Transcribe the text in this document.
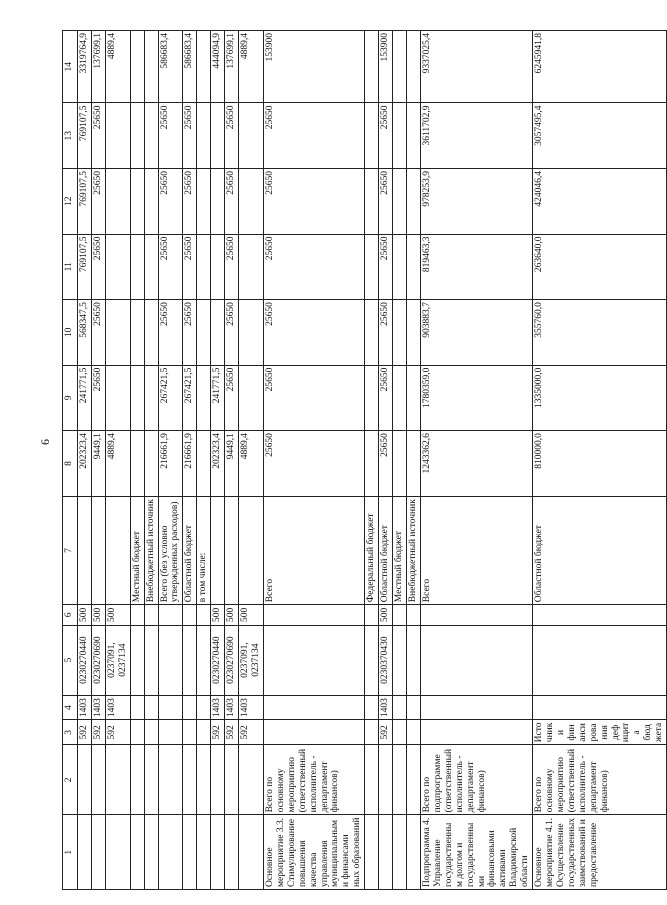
6
1	2	3	4	5	6	7	8	9	10	11	12	13	14
		592	1403	0230270440	500		202323,4	241771,5	568347,5	769107,5	769107,5	769107,5	3319764,9
		592	1403	0230270690	500		9449,1	25650	25650	25650	25650	25650	137699,1
		592	1403	0237091, 0237134	500		4889,4						4889,4
						Местный бюджет							
						Внебюджетный источник							
						Всего (без условно утвержденных расходов)	216661,9	267421,5	25650	25650	25650	25650	586683,4
						Областной бюджет	216661,9	267421,5	25650	25650	25650	25650	586683,4
						в том числе:							
		592	1403	0230270440	500		202323,4	241771,5					444094,9
		592	1403	0230270690	500		9449,1	25650	25650	25650	25650	25650	137699,1
		592	1403	0237091, 0237134	500		4889,4						4889,4
Основное мероприятие 3.3. Стимулирование повышения качества управления муниципальными финансами ных образований	Всего по основному мероприятию (ответственный исполнитель - департамент финансов)					Всего	25650	25650	25650	25650	25650	25650	153900
						Федеральный бюджет							
		592	1403	0230370430	500	Областной бюджет	25650	25650	25650	25650	25650	25650	153900
						Местный бюджет							
						Внебюджетный источник							
Подпрограмма 4. Управление государственным долгом и государственными финансовыми активами Владимирской области	Всего по подпрограмме (ответственный исполнитель - департамент финансов)					Всего	1243362,6	1780359,0	903883,7	819463,3	978253,9	3611702,9	9337025,4
Основное мероприятие 4.1. Осуществление государственных заимствований и предоставление	Всего по основному мероприятию (ответственный исполнитель - департамент финансов)	Источники финансирования дефицита бюджета				Областной бюджет	810000,0	1335000,0	355760,0	263640,0	424046,4	3057495,4	6245941,8
